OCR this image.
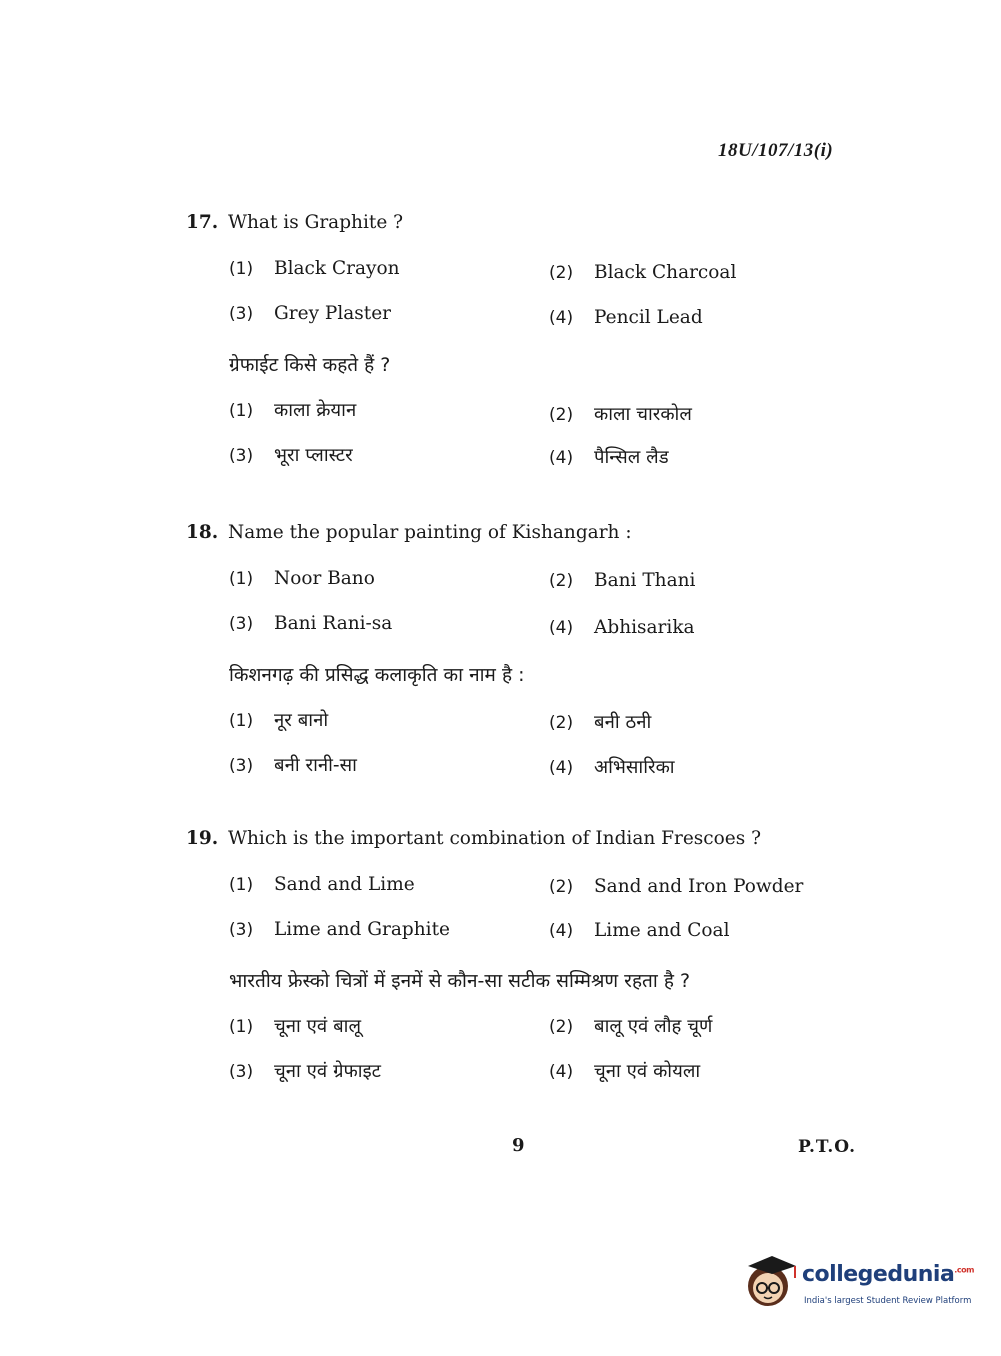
18U/107/13(i)
17. What is Graphite ?
(1) Black Crayon	(2) Black Charcoal
(3) Grey Plaster	(4) Pencil Lead
ग्रेफाईट किसे कहते हैं ?
(1) काला क्रेयान	(2) काला चारकोल
(3) भूरा प्लास्टर	(4) पैन्सिल लैड
18. Name the popular painting of Kishangarh :
(1) Noor Bano	(2) Bani Thani
(3) Bani Rani-sa	(4) Abhisarika
किशनगढ़ की प्रसिद्ध कलाकृति का नाम है :
(1) नूर बानो	(2) बनी ठनी
(3) बनी रानी-सा	(4) अभिसारिका
19. Which is the important combination of Indian Frescoes ?
(1) Sand and Lime	(2) Sand and Iron Powder
(3) Lime and Graphite	(4) Lime and Coal
भारतीय फ्रेस्को चित्रों में इनमें से कौन-सा सटीक सम्मिश्रण रहता है ?
(1) चूना एवं बालू	(2) बालू एवं लौह चूर्ण
(3) चूना एवं ग्रेफाइट	(4) चूना एवं कोयला
9	P.T.O.
collegedunia$^{.com}$
India's largest Student Review Platform
